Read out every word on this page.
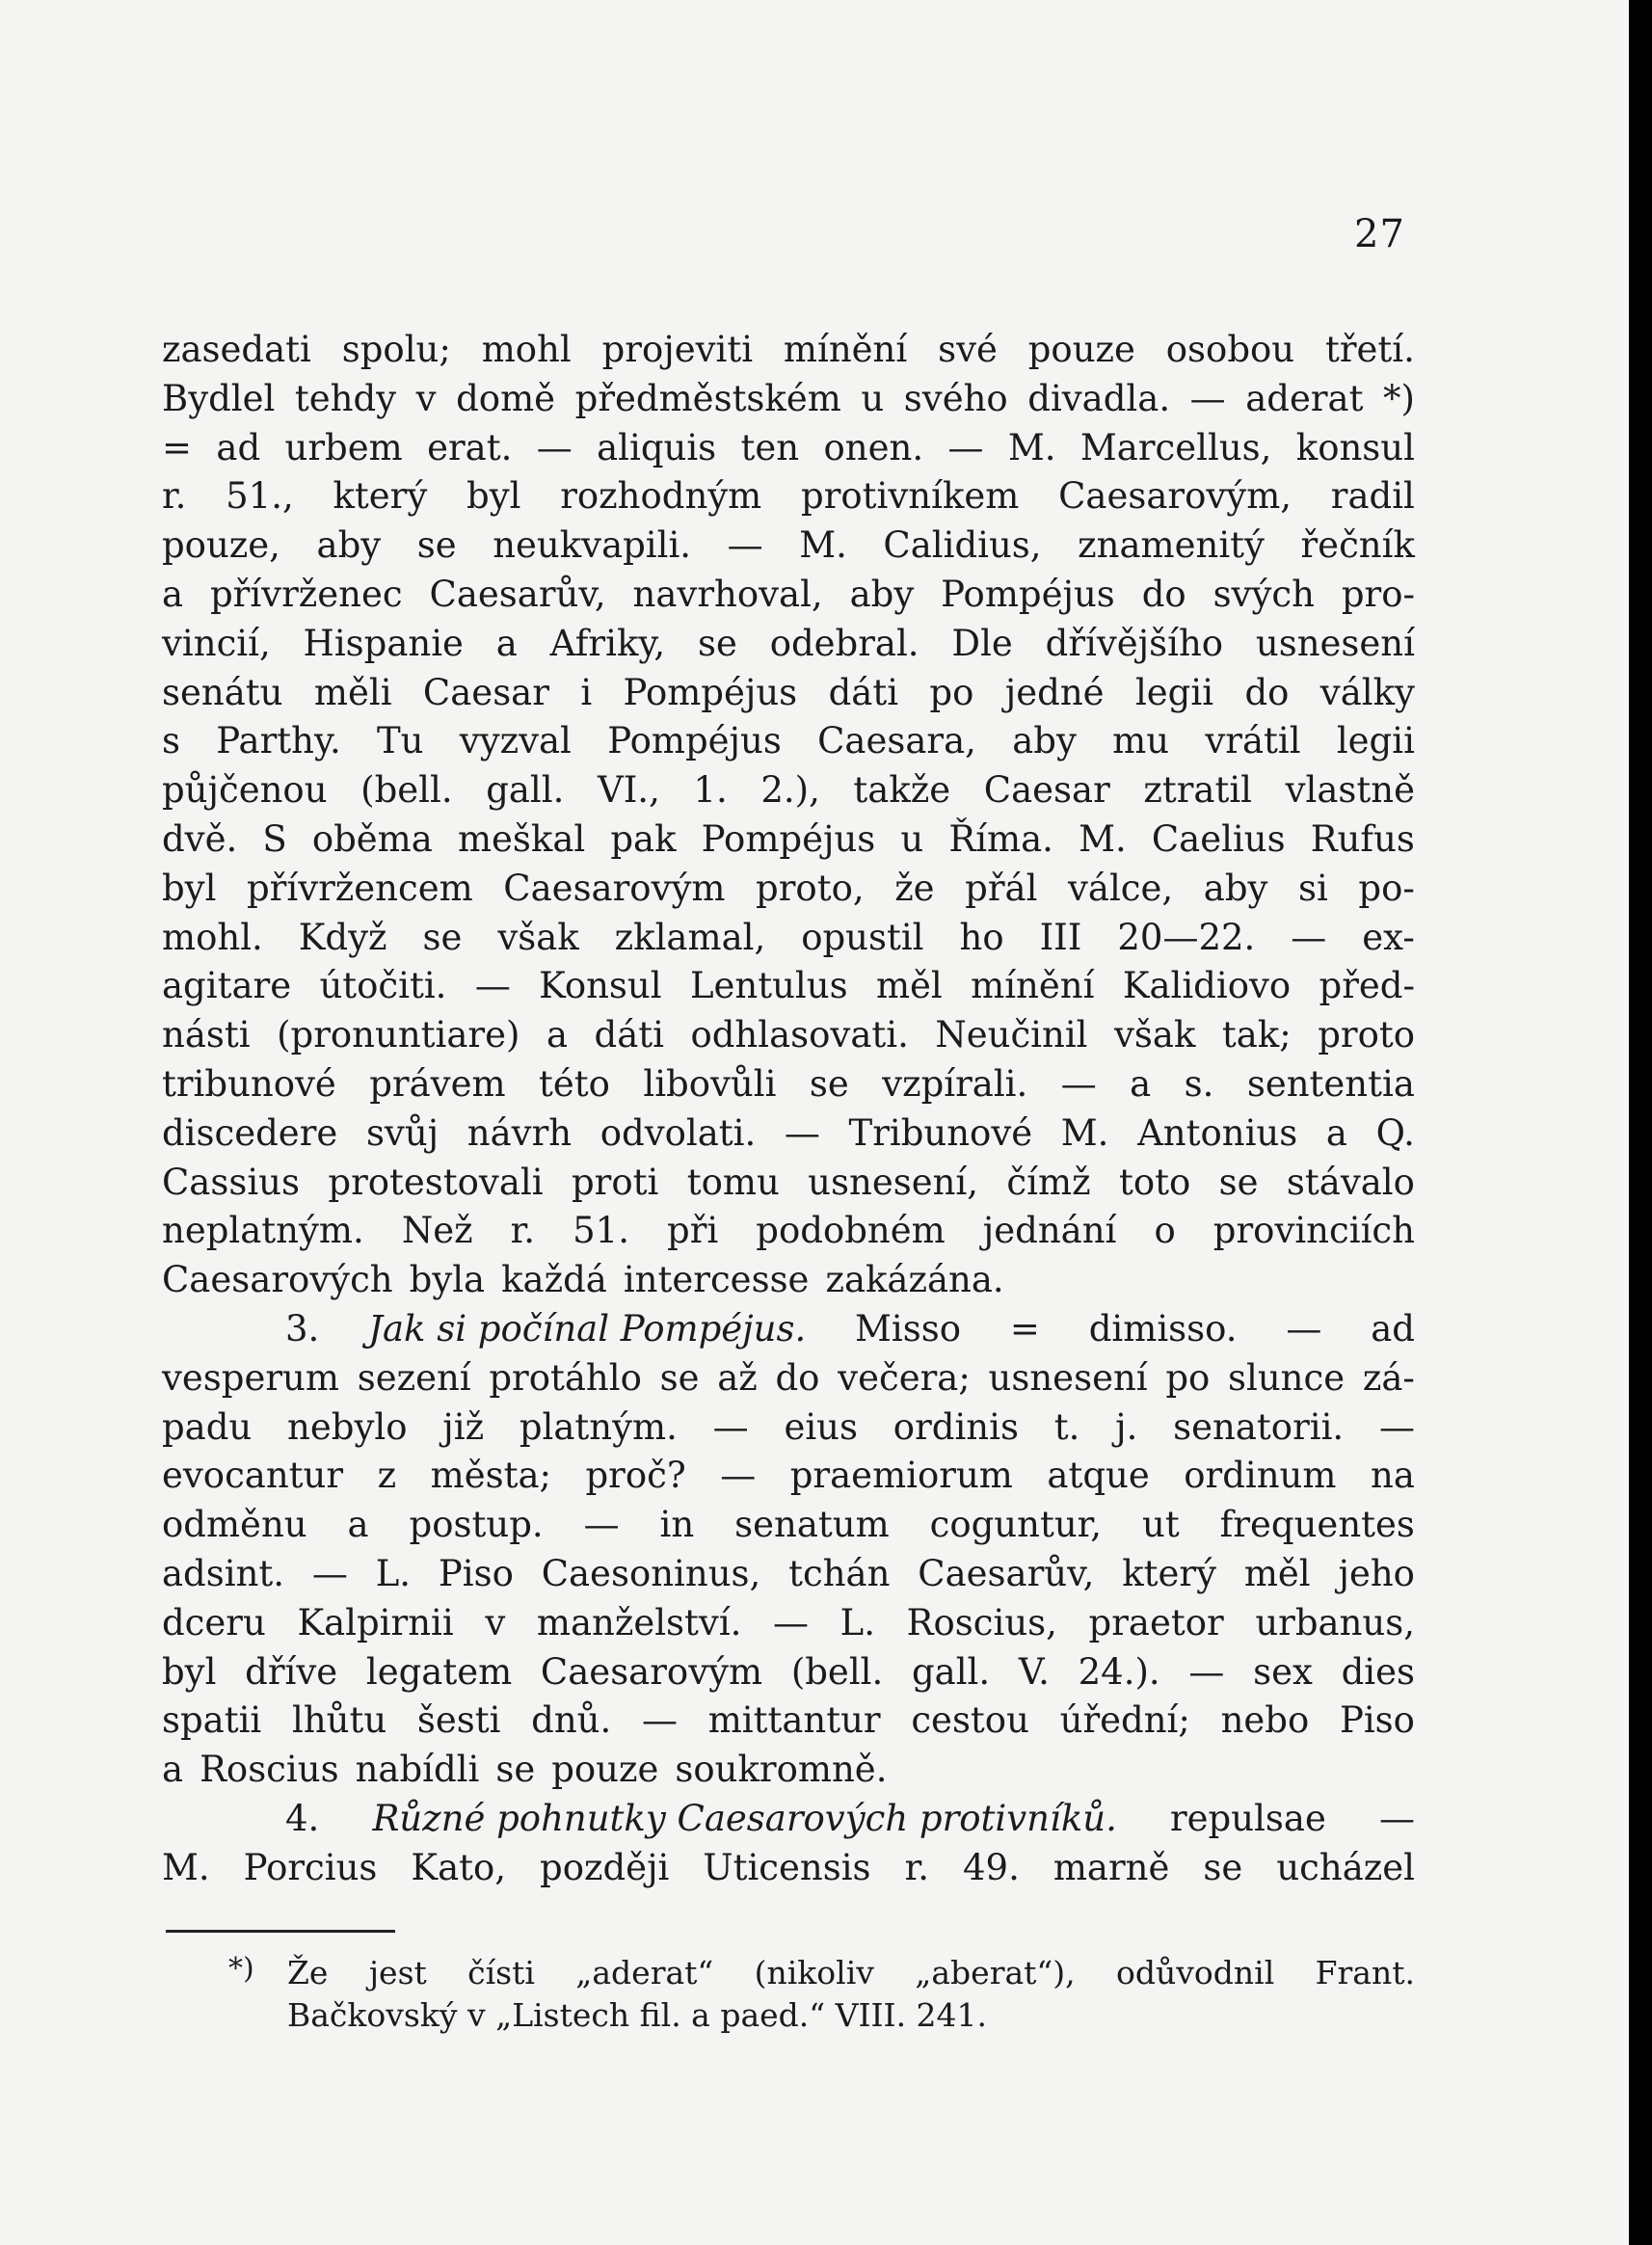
27
zasedati spolu; mohl projeviti mínění své pouze osobou třetí.
Bydlel tehdy v domě předměstském u svého divadla. — aderat *)
= ad urbem erat. — aliquis ten onen. — M. Marcellus, konsul
r. 51., který byl rozhodným protivníkem Caesarovým, radil
pouze, aby se neukvapili. — M. Calidius, znamenitý řečník
a přívrženec Caesarův, navrhoval, aby Pompéjus do svých pro-
vincií, Hispanie a Afriky, se odebral. Dle dřívějšího usnesení
senátu měli Caesar i Pompéjus dáti po jedné legii do války
s Parthy. Tu vyzval Pompéjus Caesara, aby mu vrátil legii
půjčenou (bell. gall. VI., 1. 2.), takže Caesar ztratil vlastně
dvě. S oběma meškal pak Pompéjus u Říma. M. Caelius Rufus
byl přívržencem Caesarovým proto, že přál válce, aby si po-
mohl. Když se však zklamal, opustil ho III 20—22. — ex-
agitare útočiti. — Konsul Lentulus měl mínění Kalidiovo před-
násti (pronuntiare) a dáti odhlasovati. Neučinil však tak; proto
tribunové právem této libovůli se vzpírali. — a s. sententia
discedere svůj návrh odvolati. — Tribunové M. Antonius a Q.
Cassius protestovali proti tomu usnesení, čímž toto se stávalo
neplatným. Než r. 51. při podobném jednání o provinciích
Caesarových byla každá intercesse zakázána.
3. Jak si počínal Pompéjus. Misso = dimisso. — ad
vesperum sezení protáhlo se až do večera; usnesení po slunce zá-
padu nebylo již platným. — eius ordinis t. j. senatorii. —
evocantur z města; proč? — praemiorum atque ordinum na
odměnu a postup. — in senatum coguntur, ut frequentes
adsint. — L. Piso Caesoninus, tchán Caesarův, který měl jeho
dceru Kalpirnii v manželství. — L. Roscius, praetor urbanus,
byl dříve legatem Caesarovým (bell. gall. V. 24.). — sex dies
spatii lhůtu šesti dnů. — mittantur cestou úřední; nebo Piso
a Roscius nabídli se pouze soukromně.
4. Různé pohnutky Caesarových protivníků. repulsae —
M. Porcius Kato, později Uticensis r. 49. marně se ucházel
*) Že jest čísti „aderat“ (nikoliv „aberat“), odůvodnil Frant.
Bačkovský v „Listech fil. a paed.“ VIII. 241.
